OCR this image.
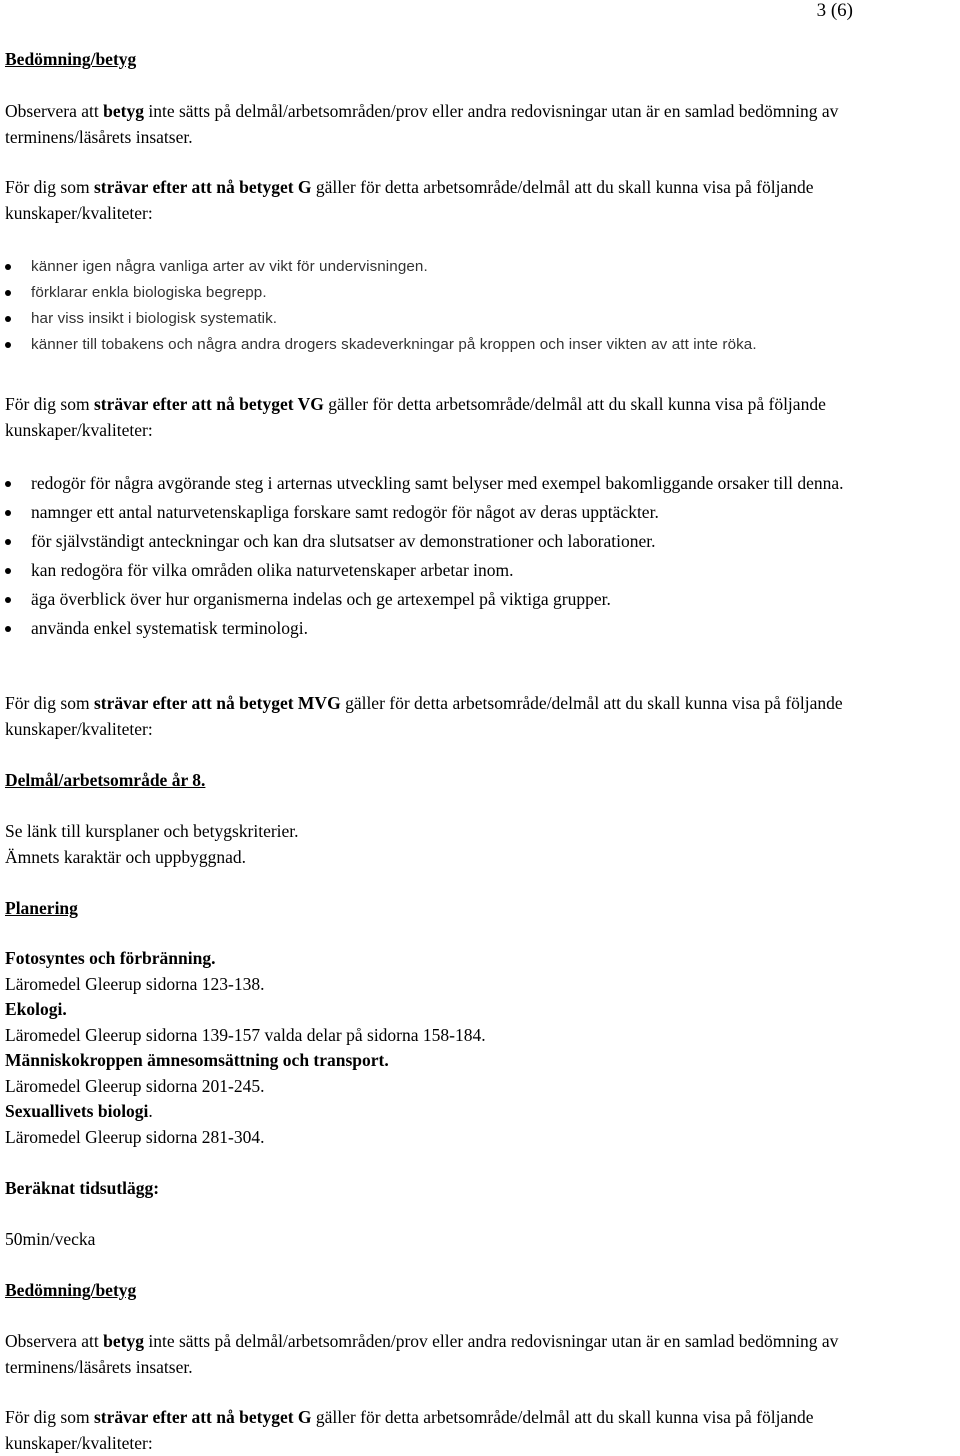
3 (6)
Bedömning/betyg

Observera att betyg inte sätts på delmål/arbetsområden/prov eller andra redovisningar utan är en samlad bedömning av terminens/läsårets insatser.

För dig som strävar efter att nå betyget G gäller för detta arbetsområde/delmål att du skall kunna visa på följande kunskaper/kvaliteter:

känner igen några vanliga arter av vikt för undervisningen.
förklarar enkla biologiska begrepp.
har viss insikt i biologisk systematik.
känner till tobakens och några andra drogers skadeverkningar på kroppen och inser vikten av att inte röka.

För dig som strävar efter att nå betyget VG gäller för detta arbetsområde/delmål att du skall kunna visa på följande kunskaper/kvaliteter:

redogör för några avgörande steg i arternas utveckling samt belyser med exempel bakomliggande orsaker till denna.
namnger ett antal naturvetenskapliga forskare samt redogör för något av deras upptäckter.
för självständigt anteckningar och kan dra slutsatser av demonstrationer och laborationer.
kan redogöra för vilka områden olika naturvetenskaper arbetar inom.
äga överblick över hur organismerna indelas och ge artexempel på viktiga grupper.
använda enkel systematisk terminologi.

För dig som strävar efter att nå betyget MVG gäller för detta arbetsområde/delmål att du skall kunna visa på följande kunskaper/kvaliteter:

Delmål/arbetsområde år 8.
Se länk till kursplaner och betygskriterier.
Ämnets karaktär och uppbyggnad.
Planering
Fotosyntes och förbränning.
Läromedel Gleerup sidorna 123-138.
Ekologi.
Läromedel Gleerup sidorna 139-157 valda delar på sidorna 158-184.
Människokroppen ämnesomsättning och transport.
Läromedel Gleerup sidorna 201-245.
Sexuallivets biologi.
Läromedel Gleerup sidorna 281-304.
Beräknat tidsutlägg:
50min/vecka
Bedömning/betyg

Observera att betyg inte sätts på delmål/arbetsområden/prov eller andra redovisningar utan är en samlad bedömning av terminens/läsårets insatser.

För dig som strävar efter att nå betyget G gäller för detta arbetsområde/delmål att du skall kunna visa på följande kunskaper/kvaliteter:
